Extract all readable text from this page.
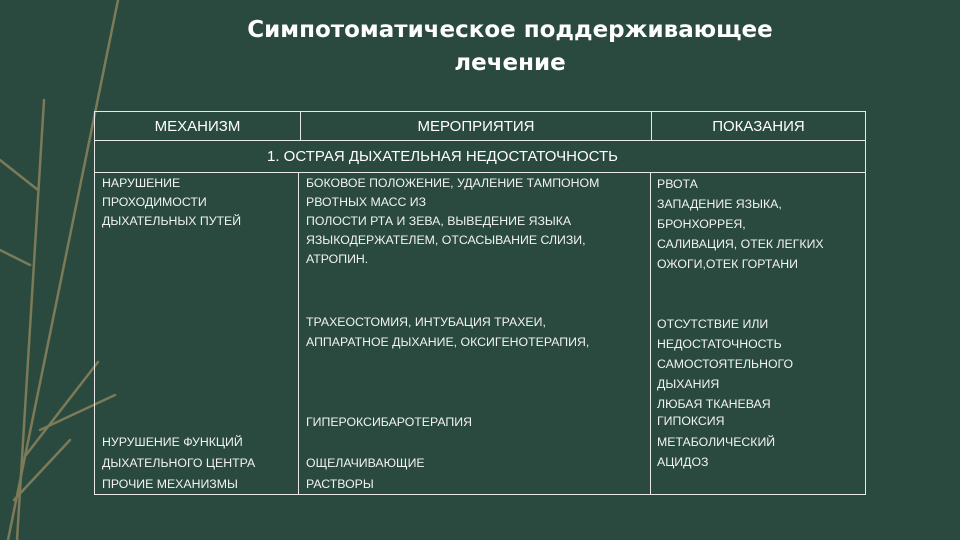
Симпотоматическое поддерживающее
лечение
МЕХАНИЗМ	МЕРОПРИЯТИЯ	ПОКАЗАНИЯ
1. ОСТРАЯ ДЫХАТЕЛЬНАЯ НЕДОСТАТОЧНОСТЬ
НАРУШЕНИЕ
ПРОХОДИМОСТИ
ДЫХАТЕЛЬНЫХ ПУТЕЙ
БОКОВОЕ ПОЛОЖЕНИЕ, УДАЛЕНИЕ ТАМПОНОМ
РВОТНЫХ МАСС ИЗ
ПОЛОСТИ РТА И ЗЕВА, ВЫВЕДЕНИЕ ЯЗЫКА
ЯЗЫКОДЕРЖАТЕЛЕМ, ОТСАСЫВАНИЕ СЛИЗИ,
АТРОПИН.
РВОТА
ЗАПАДЕНИЕ ЯЗЫКА,
БРОНХОРРЕЯ,
САЛИВАЦИЯ, ОТЕК ЛЕГКИХ
ОЖОГИ,ОТЕК ГОРТАНИ
ТРАХЕОСТОМИЯ, ИНТУБАЦИЯ ТРАХЕИ,
АППАРАТНОЕ ДЫХАНИЕ, ОКСИГЕНОТЕРАПИЯ,
ОТСУТСТВИЕ ИЛИ
НЕДОСТАТОЧНОСТЬ
САМОСТОЯТЕЛЬНОГО
ДЫХАНИЯ
ГИПЕРОКСИБАРОТЕРАПИЯ
ЛЮБАЯ ТКАНЕВАЯ
ГИПОКСИЯ
НУРУШЕНИЕ ФУНКЦИЙ
ДЫХАТЕЛЬНОГО ЦЕНТРА
ПРОЧИЕ МЕХАНИЗМЫ
ОЩЕЛАЧИВАЮЩИЕ
РАСТВОРЫ
МЕТАБОЛИЧЕСКИЙ
АЦИДОЗ
